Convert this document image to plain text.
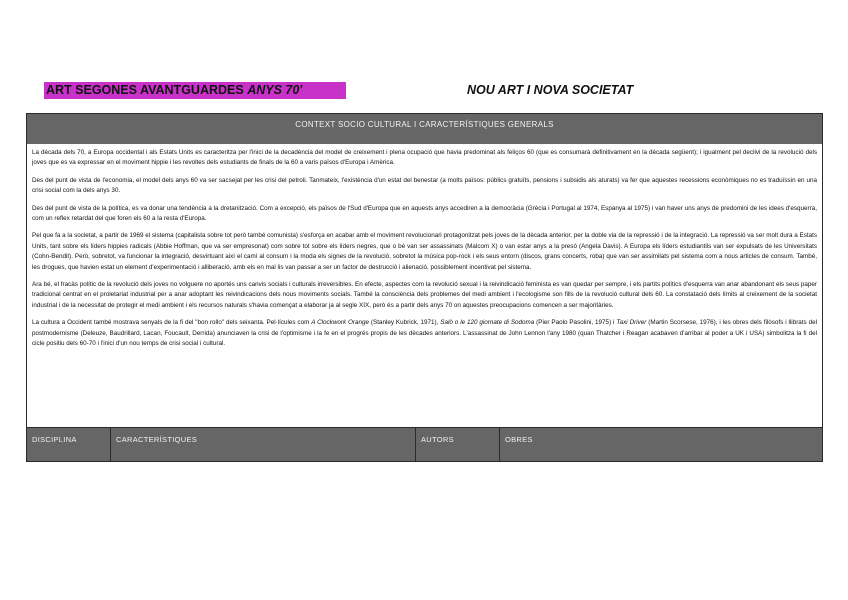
ART SEGONES AVANTGUARDES ANYS 70'	NOU ART I NOVA SOCIETAT
CONTEXT SOCIO CULTURAL I CARACTERÍSTIQUES GENERALS

La dècada dels 70, a Europa occidental i als Estats Units es caracteritza per l'inici de la decadència del model de creixement i plena ocupació que havia predominat als feliços 60 (que es consumarà definitivament en la dècada següent); i igualment pel declivi de la revolució dels joves que es va expressar en el moviment hippie i les revoltes dels estudiants de finals de la 60 a varis països d'Europa i Amèrica.

Des del punt de vista de l'economia, el model dels anys 60 va ser sacsejat per les crisi del petroli. Tanmateix, l'existència d'un estat del benestar (a molts països: públics gratuïts, pensions i subsidis als aturats) va fer que aquestes recessions econòmiques no es traduïssin en una crisi social com la dels anys 30.

Des del punt de vista de la política, es va donar una tendència a la dretanització. Com a excepció, els països de l'Sud d'Europa que en aquests anys accediren a la democràcia (Grècia i Portugal al 1974, Espanya al 1975) i van haver uns anys de predomini de les idees d'esquerra, com un reflex retardat del que foren els 60 a la resta d'Europa.

Pel que fa a la societat, a partir de 1969 el sistema (capitalista sobre tot però també comunista) s'esforça en acabar amb el moviment revolucionari protagonitzat pels joves de la dècada anterior, per la doble via de la repressió i de la integració. La repressió va ser molt dura a Estats Units, tant sobre els líders hippies radicals (Abbie Hoffman, que va ser empresonat) com sobre tot sobre els líders negres, que o bé van ser assassinats (Malcom X) o van estar anys a la presó (Angela Davis). A Europa els líders estudiantils van ser expulsats de les Universitats (Cohn-Bendit). Però, sobretot, va funcionar la integració, desvirtuant així el camí al consum i la moda els signes de la revolució, sobretot la música pop-rock i els seus entorn (discos, grans concerts, roba) que van ser assimilats pel sistema com a nous articles de consum. També, les drogues, que havien estat un element d'experimentació i alliberació, amb els en mal lis van passar a ser un factor de destrucció i alienació, possiblement incentivat pel sistema.

Ara bé, el fracàs polític de la revolució dels joves no volguere no aportés uns canvis socials i culturals irreversibles. En efecte, aspectes com la revolució sexual i la reivindicació feminista es van quedar per sempre, i els partits polítics d'esquerra van anar abandonant els seus paper tradicional centrat en el proletariat industrial per a anar adoptant les reivindicacions dels nous moviments socials. També la consciència dels problemes del medi ambient i l'ecologisme son fills de la revolució cultural dels 60. La constatació dels límits al creixement de la societat industrial i de la necessitat de protegir el medi ambient i els recursos naturals s'havia començat a elaborar ja al segle XIX, però és a partir dels anys 70 on aquestes preocupacions comencen a ser majoritàries.

La cultura a Occident també mostrava senyals de la fi del "bon rollo" dels seixanta. Pel·lícules com A Clockwork Orange (Stanley Kubrick, 1971), Salò o le 120 giornate di Sodoma (Pier Paolo Pasolini, 1975) i Taxi Driver (Martin Scorsese, 1976), i les obres dels filòsofs i llibrats del postmodernisme (Deleuze, Baudrillard, Lacan, Foucault, Derrida) anunciaven la crisi de l'optimisme i la fe en el progrés propis de les dècades anteriors. L'assassinat de John Lennon l'any 1980 (quan Thatcher i Reagan acabaven d'arribar al poder a UK i USA) simbolitza la fi del cicle positiu dels 60-70 i l'inici d'un nou temps de crisi social i cultural.

DISCIPLINA	CARACTERÍSTIQUES	AUTORS	OBRES
